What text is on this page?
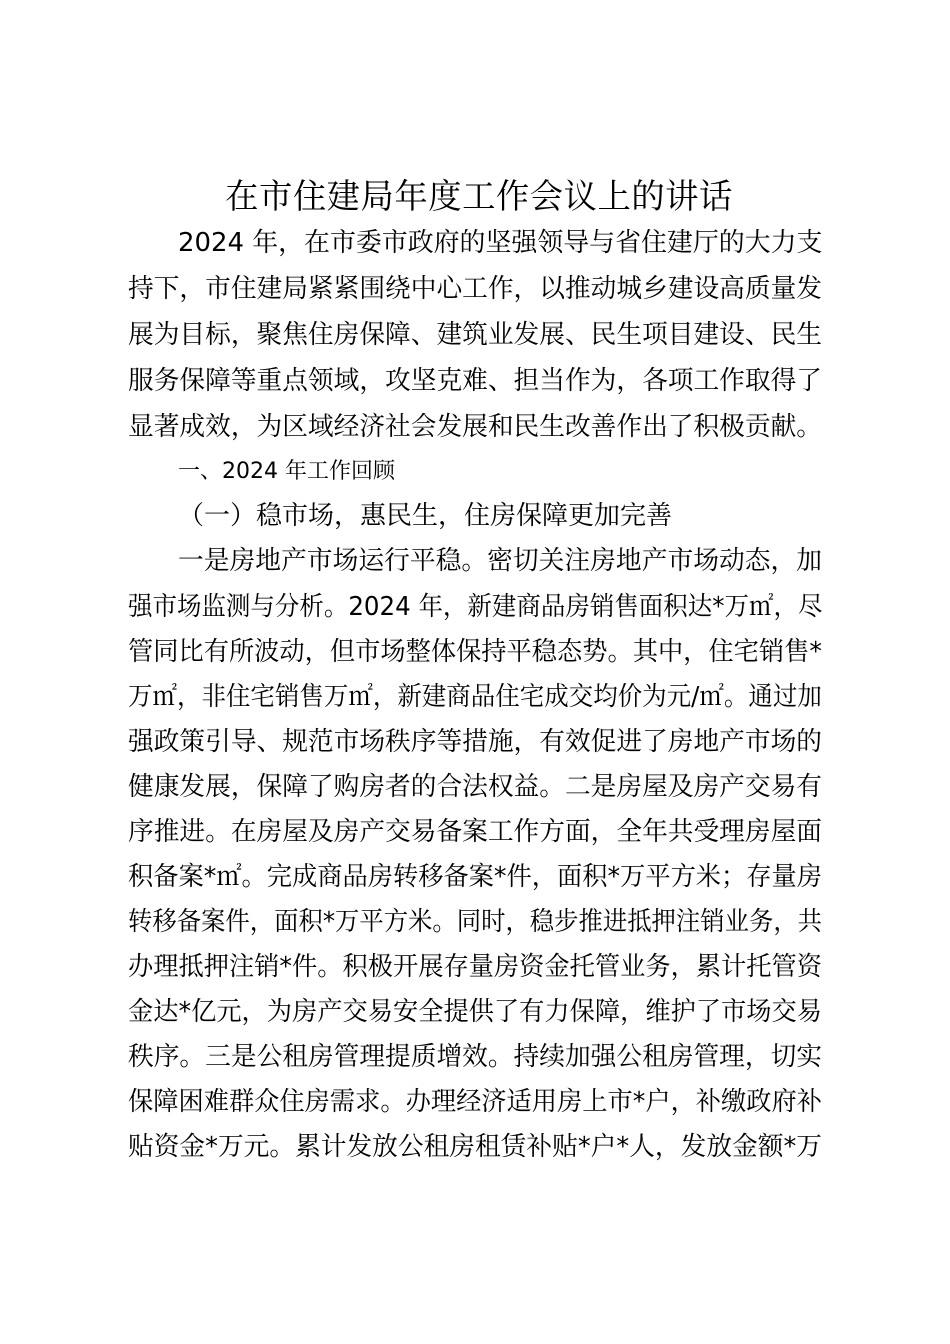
在市住建局年度工作会议上的讲话
2024 年，在市委市政府的坚强领导与省住建厅的大力支
持下，市住建局紧紧围绕中心工作，以推动城乡建设高质量发
展为目标，聚焦住房保障、建筑业发展、民生项目建设、民生
服务保障等重点领域，攻坚克难、担当作为，各项工作取得了
显著成效，为区域经济社会发展和民生改善作出了积极贡献。
一、2024 年工作回顾
（一）稳市场，惠民生，住房保障更加完善
一是房地产市场运行平稳。密切关注房地产市场动态，加
强市场监测与分析。2024 年，新建商品房销售面积达*万㎡，尽
管同比有所波动，但市场整体保持平稳态势。其中，住宅销售*
万㎡，非住宅销售万㎡，新建商品住宅成交均价为元/㎡。通过加
强政策引导、规范市场秩序等措施，有效促进了房地产市场的
健康发展，保障了购房者的合法权益。二是房屋及房产交易有
序推进。在房屋及房产交易备案工作方面，全年共受理房屋面
积备案*㎡。完成商品房转移备案*件，面积*万平方米；存量房
转移备案件，面积*万平方米。同时，稳步推进抵押注销业务，共
办理抵押注销*件。积极开展存量房资金托管业务，累计托管资
金达*亿元，为房产交易安全提供了有力保障，维护了市场交易
秩序。三是公租房管理提质增效。持续加强公租房管理，切实
保障困难群众住房需求。办理经济适用房上市*户，补缴政府补
贴资金*万元。累计发放公租房租赁补贴*户*人，发放金额*万
